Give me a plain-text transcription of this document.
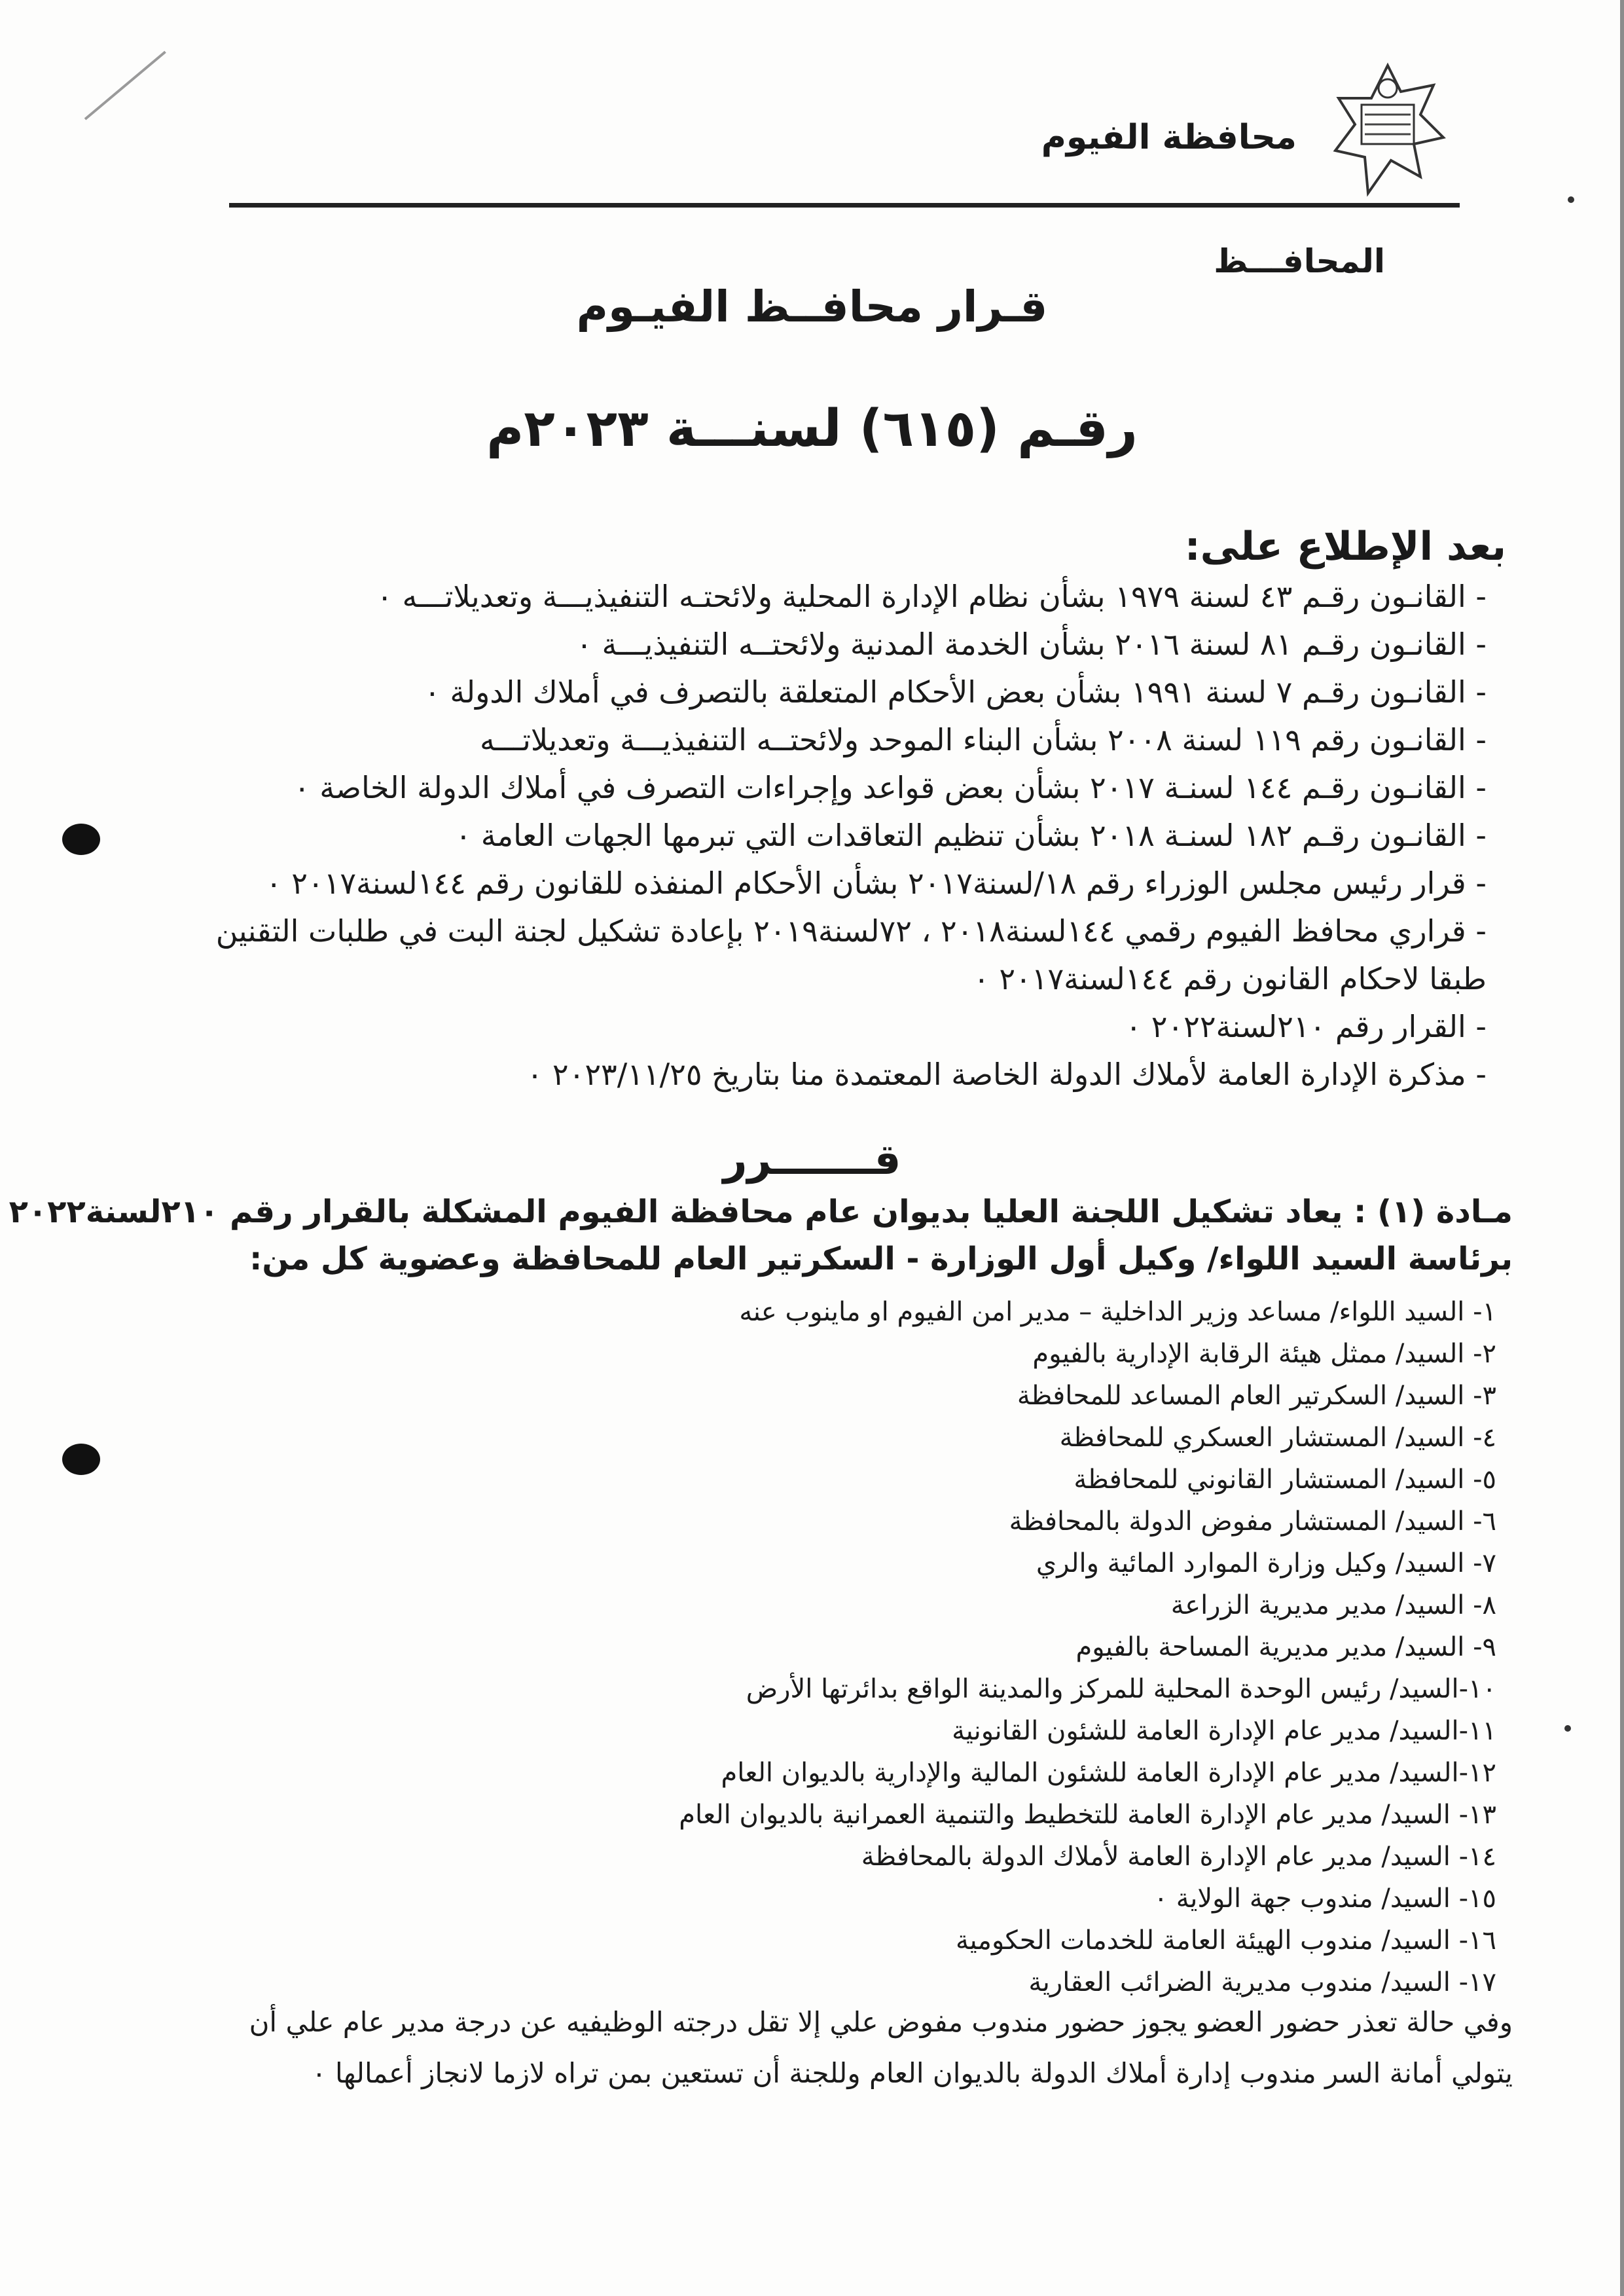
محافظة الفيوم
المحافـــظ
قـرار محافــظ الفيـوم
رقـم (٦١٥) لسنـــة ٢٠٢٣م
بعد الإطلاع على:
- القانـون رقـم ٤٣ لسنة ١٩٧٩ بشأن نظام الإدارة المحلية ولائحتـه التنفيذيـــة وتعديلاتـــه ٠
- القانـون رقـم ٨١ لسنة ٢٠١٦ بشأن الخدمة المدنية ولائحتــه التنفيذيـــة ٠
- القانـون رقـم ٧ لسنة ١٩٩١ بشأن بعض الأحكام المتعلقة بالتصرف في أملاك الدولة ٠
- القانـون رقم ١١٩ لسنة ٢٠٠٨ بشأن البناء الموحد ولائحتــه التنفيذيـــة وتعديلاتـــه
- القانـون رقـم ١٤٤ لسنـة ٢٠١٧ بشأن بعض قواعد وإجراءات التصرف في أملاك الدولة الخاصة ٠
- القانـون رقـم ١٨٢ لسنـة ٢٠١٨ بشأن تنظيم التعاقدات التي تبرمها الجهات العامة ٠
- قرار رئيس مجلس الوزراء رقم ١٨/لسنة٢٠١٧ بشأن الأحكام المنفذه للقانون رقم ١٤٤لسنة٢٠١٧ ٠
- قراري محافظ الفيوم رقمي ١٤٤لسنة٢٠١٨ ، ٧٢لسنة٢٠١٩ بإعادة تشكيل لجنة البت في طلبات التقنين
طبقا لاحكام القانون رقم ١٤٤لسنة٢٠١٧ ٠
- القرار رقم ٢١٠لسنة٢٠٢٢ ٠
- مذكرة الإدارة العامة لأملاك الدولة الخاصة المعتمدة منا بتاريخ ٢٠٢٣/١١/٢٥ ٠
قـــــــرر
مـادة (١) : يعاد تشكيل اللجنة العليا بديوان عام محافظة الفيوم المشكلة بالقرار رقم ٢١٠لسنة٢٠٢٢
برئاسة السيد اللواء/ وكيل أول الوزارة - السكرتير العام للمحافظة وعضوية كل من:
١- السيد اللواء/ مساعد وزير الداخلية – مدير امن الفيوم او ماينوب عنه
٢- السيد/ ممثل هيئة الرقابة الإدارية بالفيوم
٣- السيد/ السكرتير العام المساعد للمحافظة
٤- السيد/ المستشار العسكري للمحافظة
٥- السيد/ المستشار القانوني للمحافظة
٦- السيد/ المستشار مفوض الدولة بالمحافظة
٧- السيد/ وكيل وزارة الموارد المائية والري
٨- السيد/ مدير مديرية الزراعة
٩- السيد/ مدير مديرية المساحة بالفيوم
١٠-السيد/ رئيس الوحدة المحلية للمركز والمدينة الواقع بدائرتها الأرض
١١-السيد/ مدير عام الإدارة العامة للشئون القانونية
١٢-السيد/ مدير عام الإدارة العامة للشئون المالية والإدارية بالديوان العام
١٣- السيد/ مدير عام الإدارة العامة للتخطيط والتنمية العمرانية بالديوان العام
١٤- السيد/ مدير عام الإدارة العامة لأملاك الدولة بالمحافظة
١٥- السيد/ مندوب جهة الولاية ٠
١٦- السيد/ مندوب الهيئة العامة للخدمات الحكومية
١٧- السيد/ مندوب مديرية الضرائب العقارية
وفي حالة تعذر حضور العضو يجوز حضور مندوب مفوض علي إلا تقل درجته الوظيفيه عن درجة مدير عام علي أن
يتولي أمانة السر مندوب إدارة أملاك الدولة بالديوان العام وللجنة أن تستعين بمن تراه لازما لانجاز أعمالها ٠
